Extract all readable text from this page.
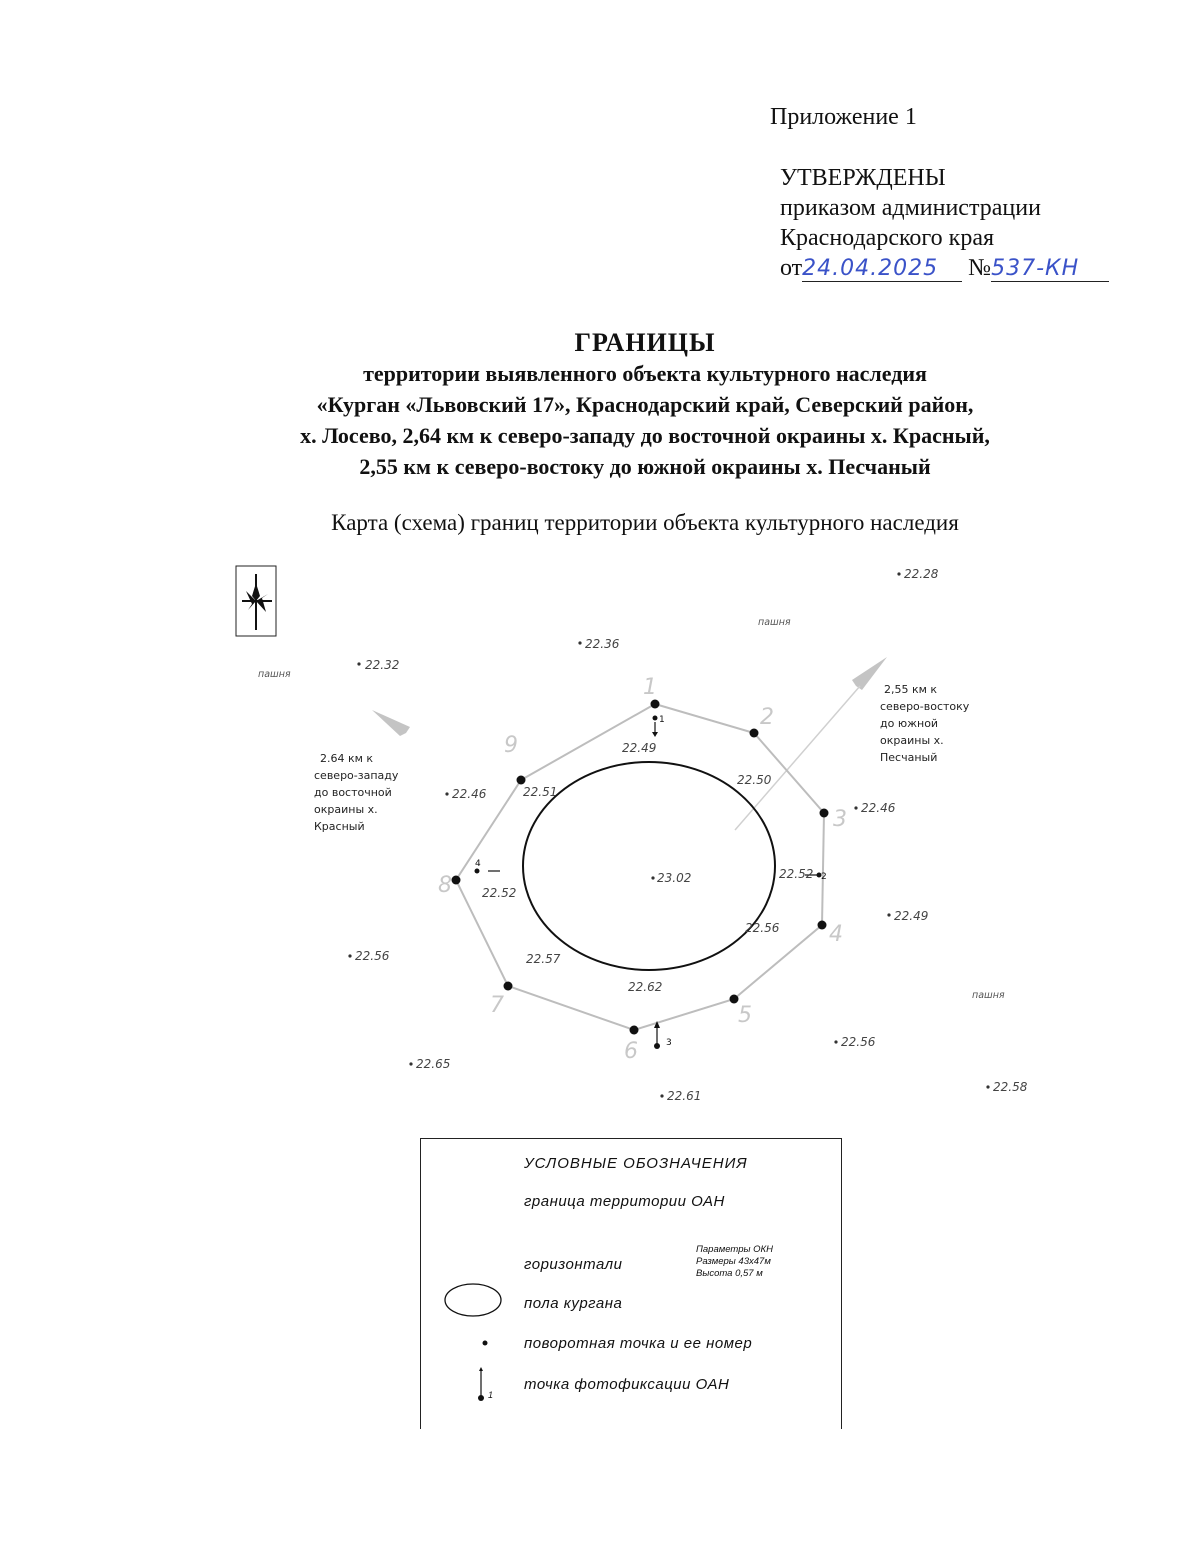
Приложение 1
УТВЕРЖДЕНЫ
приказом администрации
Краснодарского края
от24.04.2025 №537-КН
ГРАНИЦЫ
территории выявленного объекта культурного наследия
«Курган «Львовский 17», Краснодарский край, Северский район,
х. Лосево, 2,64 км к северо-западу до восточной окраины х. Красный,
2,55 км к северо-востоку до южной окраины х. Песчаный
Карта (схема) границ территории объекта культурного наследия
1
2
3
4
5
6
7
8
9
1
2
3
4
23.02
22.49
22.50
22.52
22.56
22.62
22.57
22.52
22.51
22.28
22.36
22.32
22.46
22.46
22.49
22.56
22.56
22.65
22.61
22.58
пашня
пашня
пашня
2.64 км к
северо-западу
до восточной
окраины х.
Красный
2,55 км к
северо-востоку
до южной
окраины х.
Песчаный
УСЛОВНЫЕ ОБОЗНАЧЕНИЯ
граница территории ОАН
горизонтали
Параметры ОКН
Размеры 43х47м
Высота 0,57 м
пола кургана
поворотная точка и ее номер
1
точка фотофиксации ОАН
